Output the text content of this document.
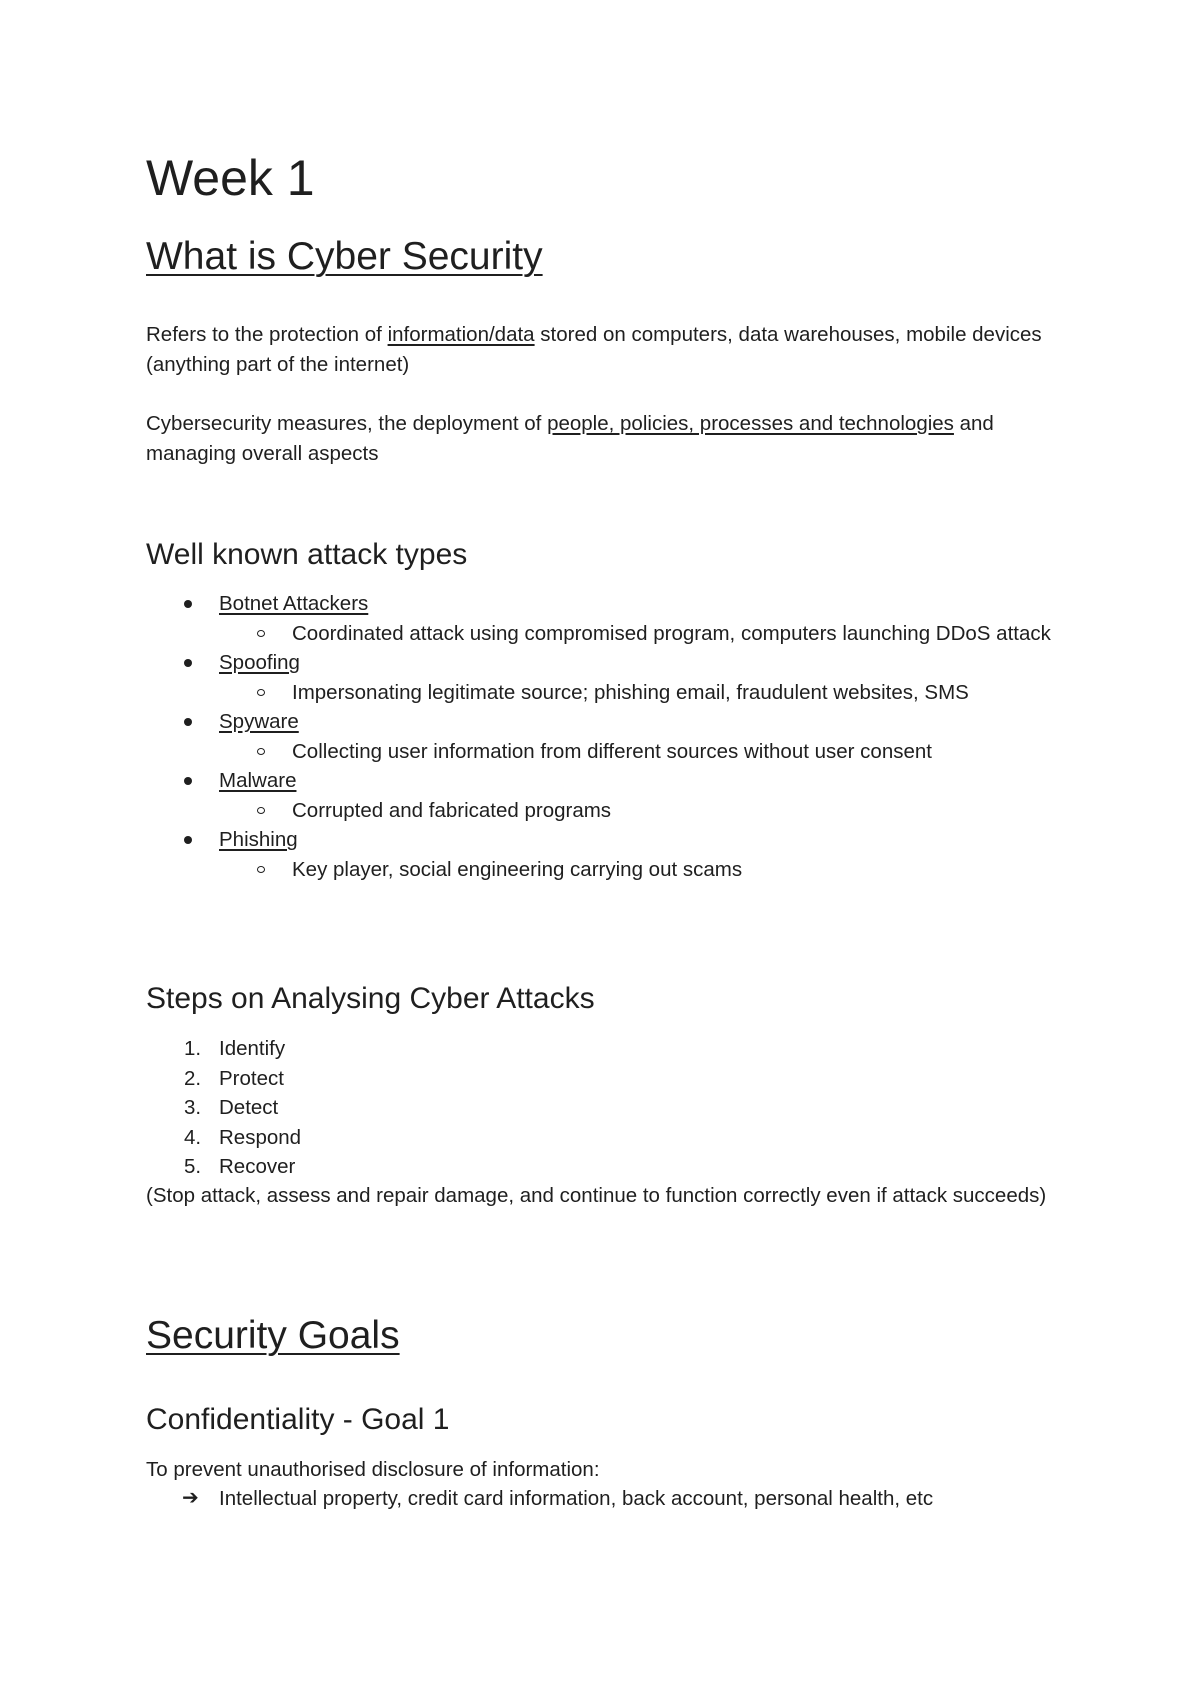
Week 1
What is Cyber Security

Refers to the protection of information/data stored on computers, data warehouses, mobile devices (anything part of the internet)

Cybersecurity measures, the deployment of people, policies, processes and technologies and managing overall aspects

Well known attack types
Botnet Attackers
Coordinated attack using compromised program, computers launching DDoS attack
Spoofing
Impersonating legitimate source; phishing email, fraudulent websites, SMS
Spyware
Collecting user information from different sources without user consent
Malware
Corrupted and fabricated programs
Phishing
Key player, social engineering carrying out scams
Steps on Analysing Cyber Attacks
1. Identify
2. Protect
3. Detect
4. Respond
5. Recover

(Stop attack, assess and repair damage, and continue to function correctly even if attack succeeds)

Security Goals
Confidentiality - Goal 1

To prevent unauthorised disclosure of information:

➔ Intellectual property, credit card information, back account, personal health, etc
